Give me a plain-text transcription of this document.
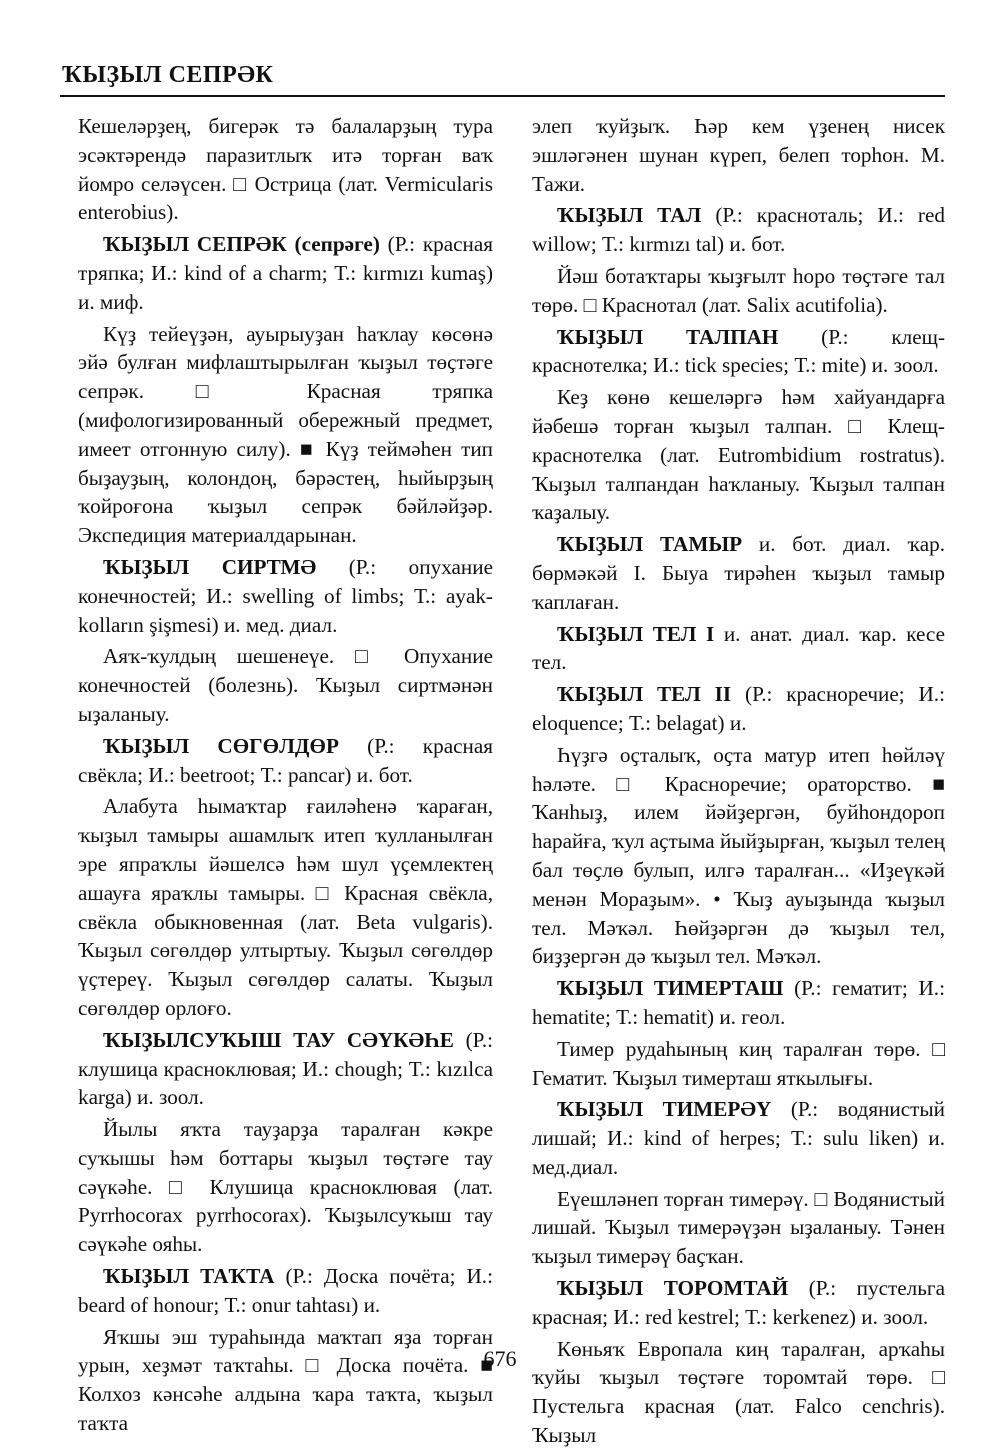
ҠЫҘЫЛ СЕПРӘК

Кешеләрҙең, бигерәк тә балаларҙың тура эсәктәрендә паразитлыҡ итә торған ваҡ йомро селәүсен. □ Острица (лат. Vermicularis enterobius).

ҠЫҘЫЛ СЕПРӘК (сепрәге) (Р.: красная тряпка; И.: kind of a charm; Т.: kırmızı kumaş) и. миф.

Күҙ тейеүҙән, ауырыуҙан һаҡлау көсөнә эйә булған мифлаштырылған ҡыҙыл төҫтәге сепрәк. □ Красная тряпка (мифологизированный обережный предмет, имеет отгонную силу). ■ Күҙ теймәһен тип быҙауҙың, колондоң, бәрәстең, һыйырҙың ҡойроғона ҡыҙыл сепрәк бәйләйҙәр. Экспедиция материалдарынан.

ҠЫҘЫЛ СИРТМӘ (Р.: опухание конечностей; И.: swelling of limbs; Т.: ayak-kolların şişmesi) и. мед. диал.

Аяҡ-ҡулдың шешенеүе. □ Опухание конечностей (болезнь). Ҡыҙыл сиртмәнән ыҙаланыу.

ҠЫҘЫЛ СӨГӨЛДӨР (Р.: красная свёкла; И.: beetroot; Т.: pancar) и. бот.

Алабута һымаҡтар ғаиләһенә ҡараған, ҡыҙыл тамыры ашамлыҡ итеп ҡулланылған эре япраҡлы йәшелсә һәм шул үҫемлектең ашауға яраҡлы тамыры. □ Красная свёкла, свёкла обыкновенная (лат. Beta vulgaris). Ҡыҙыл сөгөлдөр ултыртыу. Ҡыҙыл сөгөлдөр үҫтереү. Ҡыҙыл сөгөлдөр салаты. Ҡыҙыл сөгөлдөр орлоғо.

ҠЫҘЫЛСУҠЫШ ТАУ СӘҮКӘҺЕ (Р.: клушица красноклювая; И.: chough; Т.: kızılca karga) и. зоол.

Йылы яҡта тауҙарҙа таралған кәкре суҡышы һәм боттары ҡыҙыл төҫтәге тау сәүкәһе. □ Клушица красноклювая (лат. Pyrrhocorax pyrrhocorax). Ҡыҙылсуҡыш тау сәүкәһе ояһы.

ҠЫҘЫЛ ТАҠТА (Р.: Доска почёта; И.: beard of honour; Т.: onur tahtası) и.

Яҡшы эш тураһында маҡтап яҙа торған урын, хеҙмәт таҡтаһы. □ Доска почёта. ■ Колхоз кәнсәһе алдына ҡара таҡта, ҡыҙыл таҡта

элеп ҡуйҙыҡ. Һәр кем үҙенең нисек эшләгәнен шунан күреп, белеп торһон. М. Тажи.

ҠЫҘЫЛ ТАЛ (Р.: красноталь; И.: red willow; Т.: kırmızı tal) и. бот.

Йәш ботаҡтары ҡыҙғылт һоро төҫтәге тал төрө. □ Краснотал (лат. Salix acutifolia).

ҠЫҘЫЛ ТАЛПАН (Р.: клещ-краснотелка; И.: tick species; Т.: mite) и. зоол.

Кеҙ көнө кешеләргә һәм хайуандарға йәбешә торған ҡыҙыл талпан. □ Клещ-краснотелка (лат. Eutrombidium rostratus). Ҡыҙыл талпандан һаҡланыу. Ҡыҙыл талпан ҡаҙалыу.

ҠЫҘЫЛ ТАМЫР и. бот. диал. ҡар. бөрмәкәй I. Быуа тирәһен ҡыҙыл тамыр ҡаплаған.

ҠЫҘЫЛ ТЕЛ I и. анат. диал. ҡар. кесе тел.

ҠЫҘЫЛ ТЕЛ II (Р.: красноречие; И.: eloquence; Т.: belagat) и.

Һүҙгә оҫталыҡ, оҫта матур итеп һөйләү һәләте. □ Красноречие; ораторство. ■ Ҡанһыҙ, илем йәйҙергән, буйһондороп һарайға, ҡул аҫтыма йыйҙырған, ҡыҙыл телең бал төҫлө булып, илгә таралған... «Иҙеүкәй менән Мораҙым». • Ҡыҙ ауыҙында ҡыҙыл тел. Мәҡәл. Һөйҙәргән дә ҡыҙыл тел, биҙҙергән дә ҡыҙыл тел. Мәҡәл.

ҠЫҘЫЛ ТИМЕРТАШ (Р.: гематит; И.: hematite; Т.: hematit) и. геол.

Тимер рудаһының киң таралған төрө. □ Гематит. Ҡыҙыл тимерташ яткылығы.

ҠЫҘЫЛ ТИМЕРӘҮ (Р.: водянистый лишай; И.: kind of herpes; Т.: sulu liken) и. мед.диал.

Еүешләнеп торған тимерәү. □ Водянистый лишай. Ҡыҙыл тимерәүҙән ыҙаланыу. Тәнен ҡыҙыл тимерәү баҫҡан.

ҠЫҘЫЛ ТОРОМТАЙ (Р.: пустельга красная; И.: red kestrel; Т.: kerkenez) и. зоол.

Көньяҡ Европала киң таралған, арҡаһы ҡуйы ҡыҙыл төҫтәге торомтай төрө. □ Пустельга красная (лат. Falco cenchris). Ҡыҙыл

676
